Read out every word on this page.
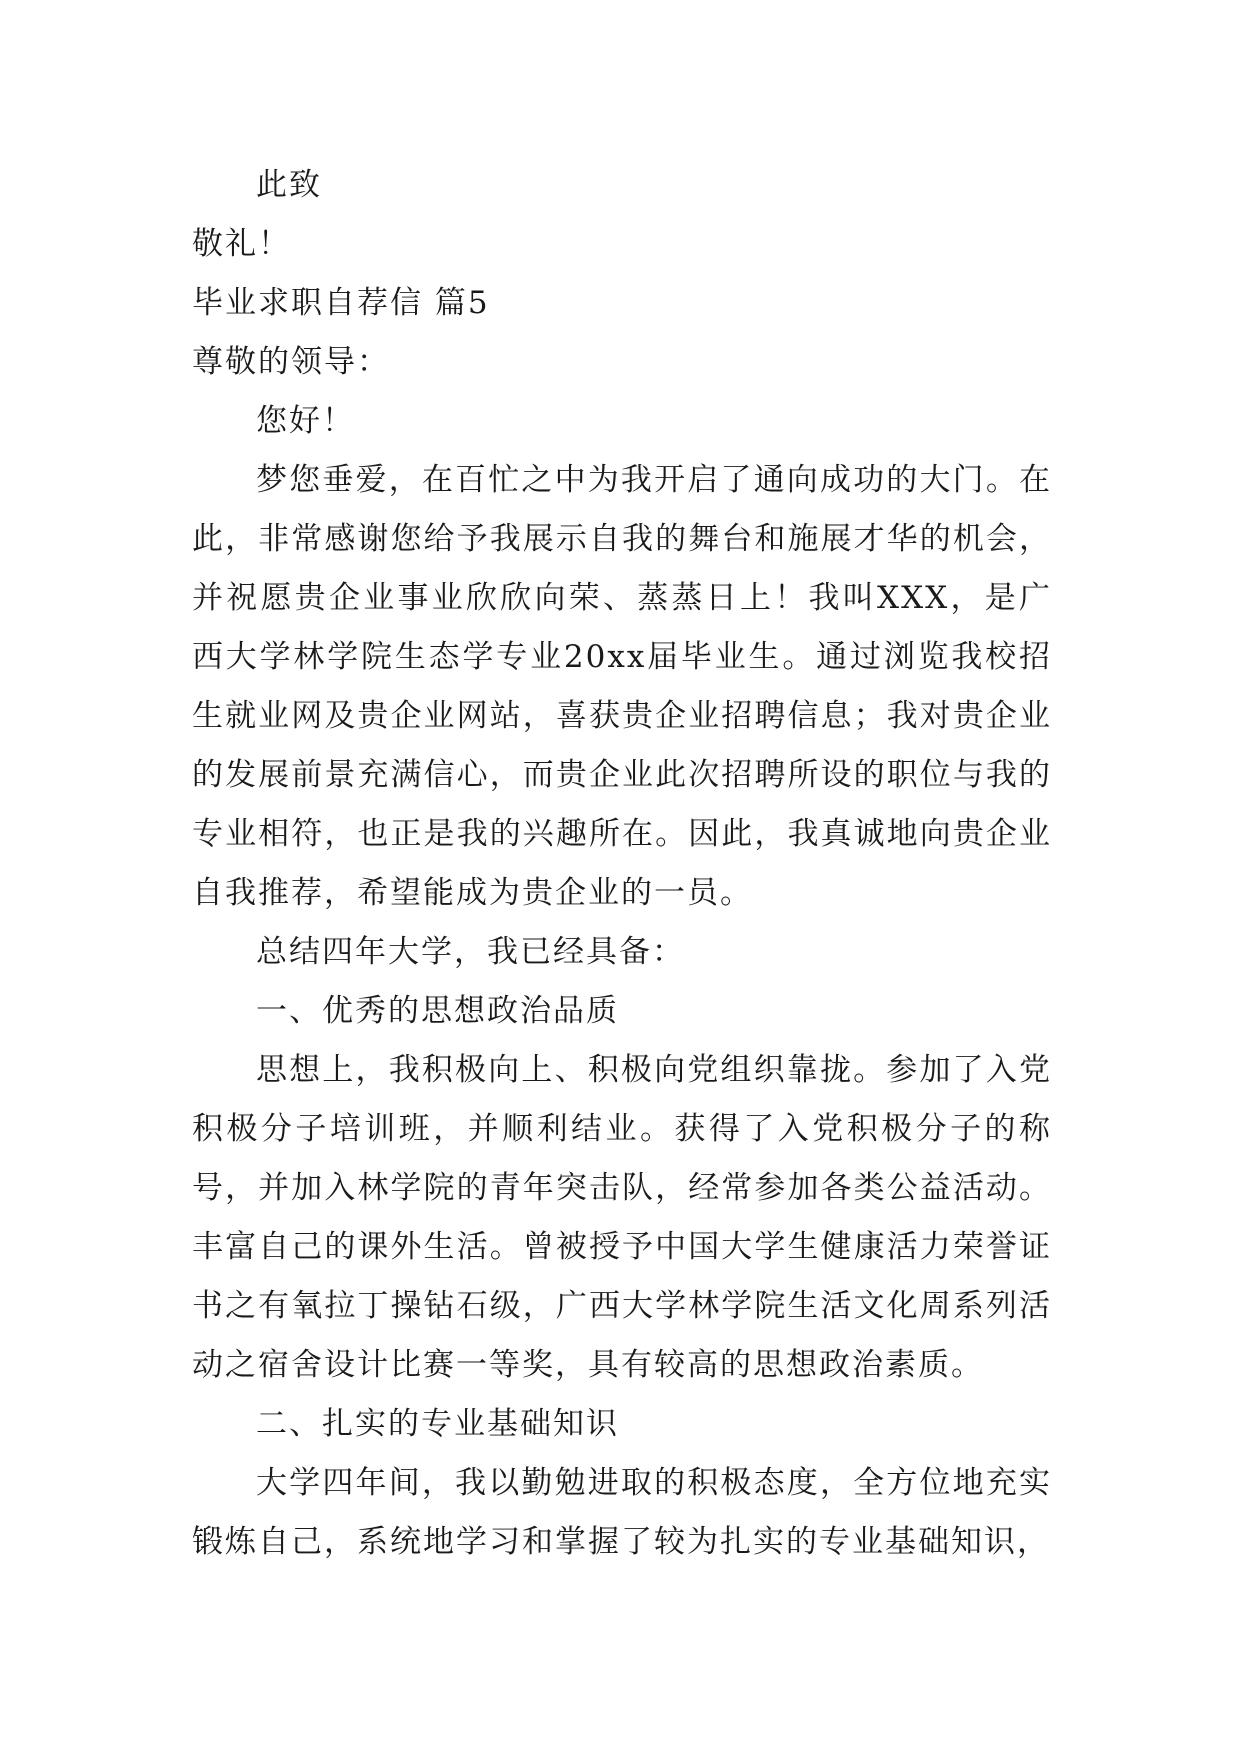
此致
敬礼！
毕业求职自荐信 篇5
尊敬的领导：
您好！

梦您垂爱，在百忙之中为我开启了通向成功的大门。在此，非常感谢您给予我展示自我的舞台和施展才华的机会，并祝愿贵企业事业欣欣向荣、蒸蒸日上！我叫XXX，是广西大学林学院生态学专业20xx届毕业生。通过浏览我校招生就业网及贵企业网站，喜获贵企业招聘信息；我对贵企业的发展前景充满信心，而贵企业此次招聘所设的职位与我的专业相符，也正是我的兴趣所在。因此，我真诚地向贵企业自我推荐，希望能成为贵企业的一员。

总结四年大学，我已经具备：

一、优秀的思想政治品质

思想上，我积极向上、积极向党组织靠拢。参加了入党积极分子培训班，并顺利结业。获得了入党积极分子的称号，并加入林学院的青年突击队，经常参加各类公益活动。丰富自己的课外生活。曾被授予中国大学生健康活力荣誉证书之有氧拉丁操钻石级，广西大学林学院生活文化周系列活动之宿舍设计比赛一等奖，具有较高的思想政治素质。

二、扎实的专业基础知识

大学四年间，我以勤勉进取的积极态度，全方位地充实锻炼自己，系统地学习和掌握了较为扎实的专业基础知识，
